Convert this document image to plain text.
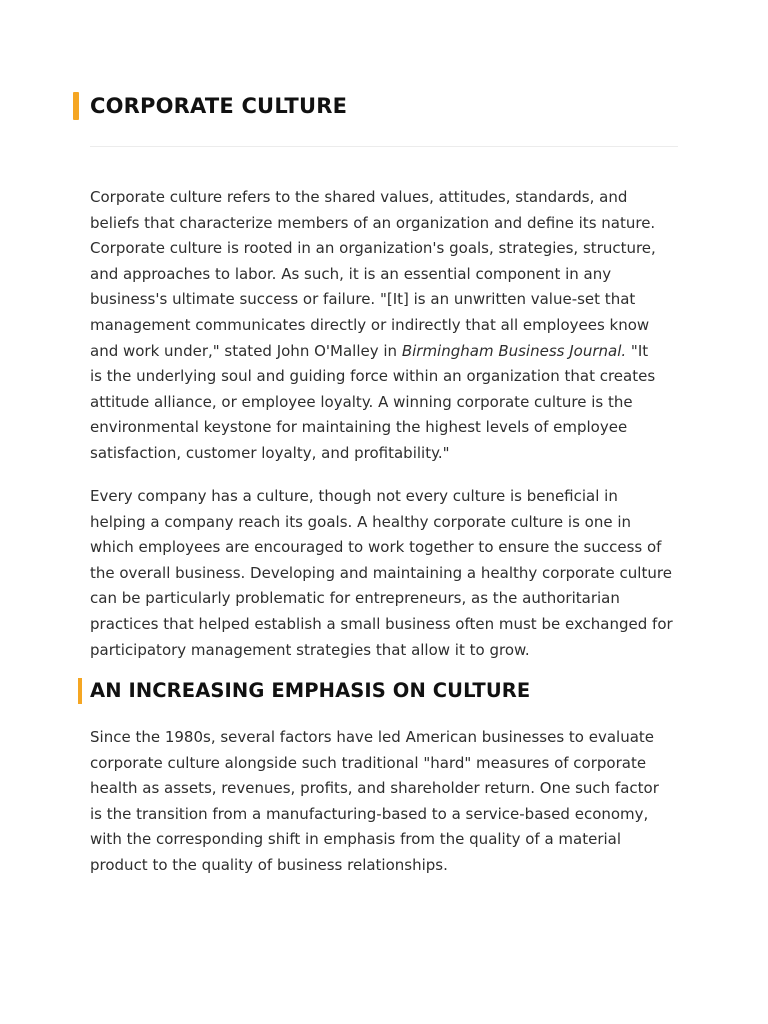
CORPORATE CULTURE

Corporate culture refers to the shared values, attitudes, standards, and
beliefs that characterize members of an organization and define its nature.
Corporate culture is rooted in an organization's goals, strategies, structure,
and approaches to labor. As such, it is an essential component in any
business's ultimate success or failure. "[It] is an unwritten value-set that
management communicates directly or indirectly that all employees know
and work under," stated John O'Malley in Birmingham Business Journal. "It
is the underlying soul and guiding force within an organization that creates
attitude alliance, or employee loyalty. A winning corporate culture is the
environmental keystone for maintaining the highest levels of employee
satisfaction, customer loyalty, and profitability."

Every company has a culture, though not every culture is beneficial in
helping a company reach its goals. A healthy corporate culture is one in
which employees are encouraged to work together to ensure the success of
the overall business. Developing and maintaining a healthy corporate culture
can be particularly problematic for entrepreneurs, as the authoritarian
practices that helped establish a small business often must be exchanged for
participatory management strategies that allow it to grow.

AN INCREASING EMPHASIS ON CULTURE

Since the 1980s, several factors have led American businesses to evaluate
corporate culture alongside such traditional "hard" measures of corporate
health as assets, revenues, profits, and shareholder return. One such factor
is the transition from a manufacturing-based to a service-based economy,
with the corresponding shift in emphasis from the quality of a material
product to the quality of business relationships.
